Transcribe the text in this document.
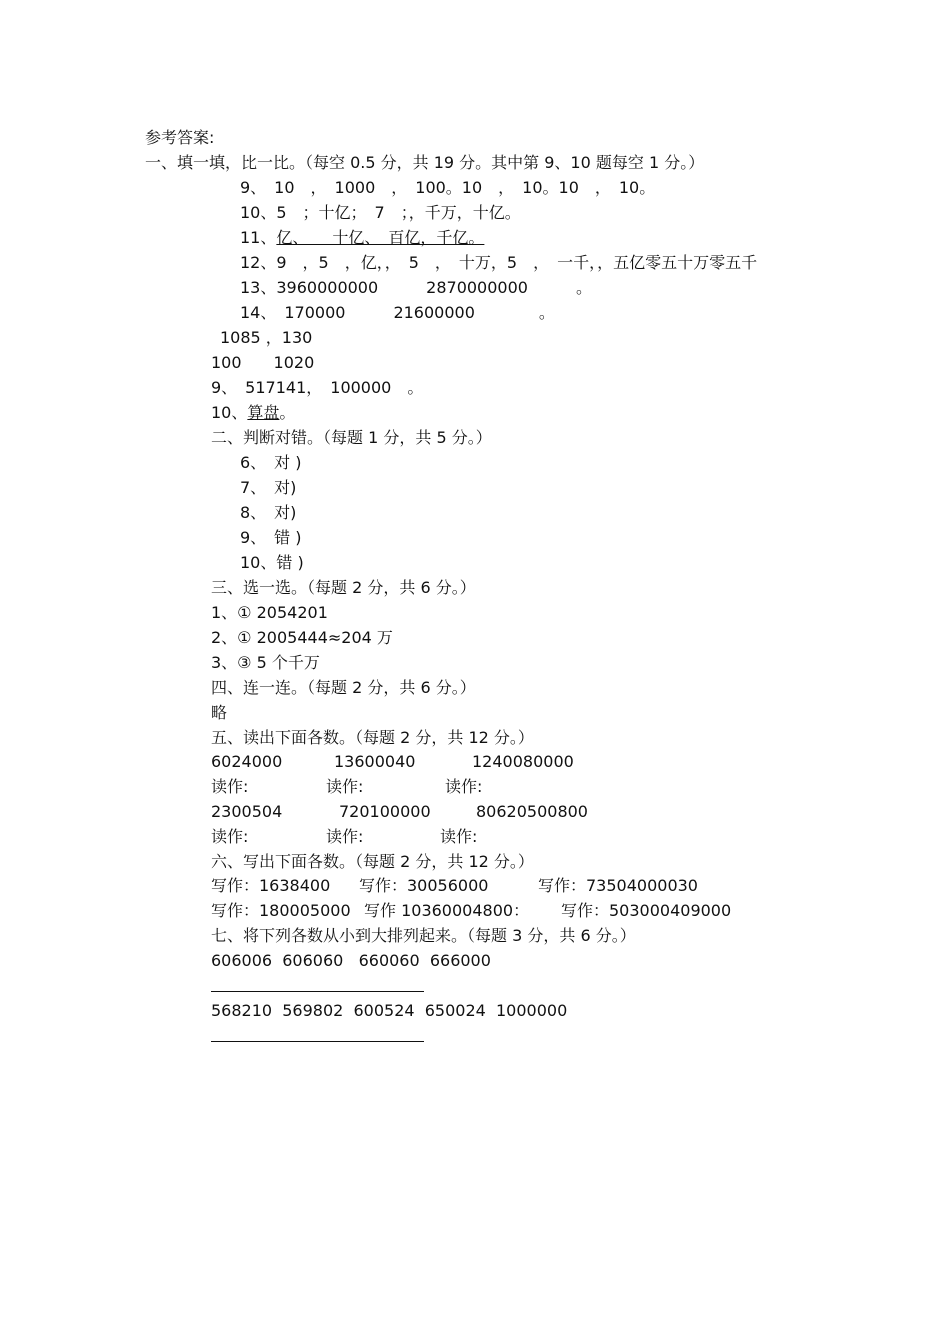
参考答案:
一、填一填，比一比。（每空 0.5 分，共 19 分。其中第 9、10 题每空 1 分。）
9、　10　，　1000　，　100。10　，　10。10　，　10。
10、5　；十亿；　7　；，千万，十亿。
11、亿、　　十亿、　百亿，千亿。
12、9　，5　，亿，，　5　，　十万，5　，　一千，，五亿零五十万零五千
13、3960000000　　　2870000000　　　。
14、　170000　　　21600000　　　　。
1085 ，130
100　　1020
9、　517141，　100000　。
10、算盘。
二、判断对错。（每题 1 分，共 5 分。）
6、　对 )
7、　对)
8、　对)
9、　错 )
10、错 )
三、选一选。（每题 2 分，共 6 分。）
1、① 2054201
2、① 2005444≈204 万
3、③ 5 个千万
四、连一连。（每题 2 分，共 6 分。）
略
五、读出下面各数。（每题 2 分，共 12 分。）
6024000	13600040	1240080000
读作:	读作:	读作:
2300504	720100000	80620500800
读作:	读作:	读作:
六、写出下面各数。（每题 2 分，共 12 分。）
写作：1638400 写作：30056000	写作：73504000030
写作：180005000 写作 10360004800： 写作：503000409000
七、将下列各数从小到大排列起来。（每题 3 分，共 6 分。）
606006  606060   660060  666000
568210  569802  600524  650024  1000000
